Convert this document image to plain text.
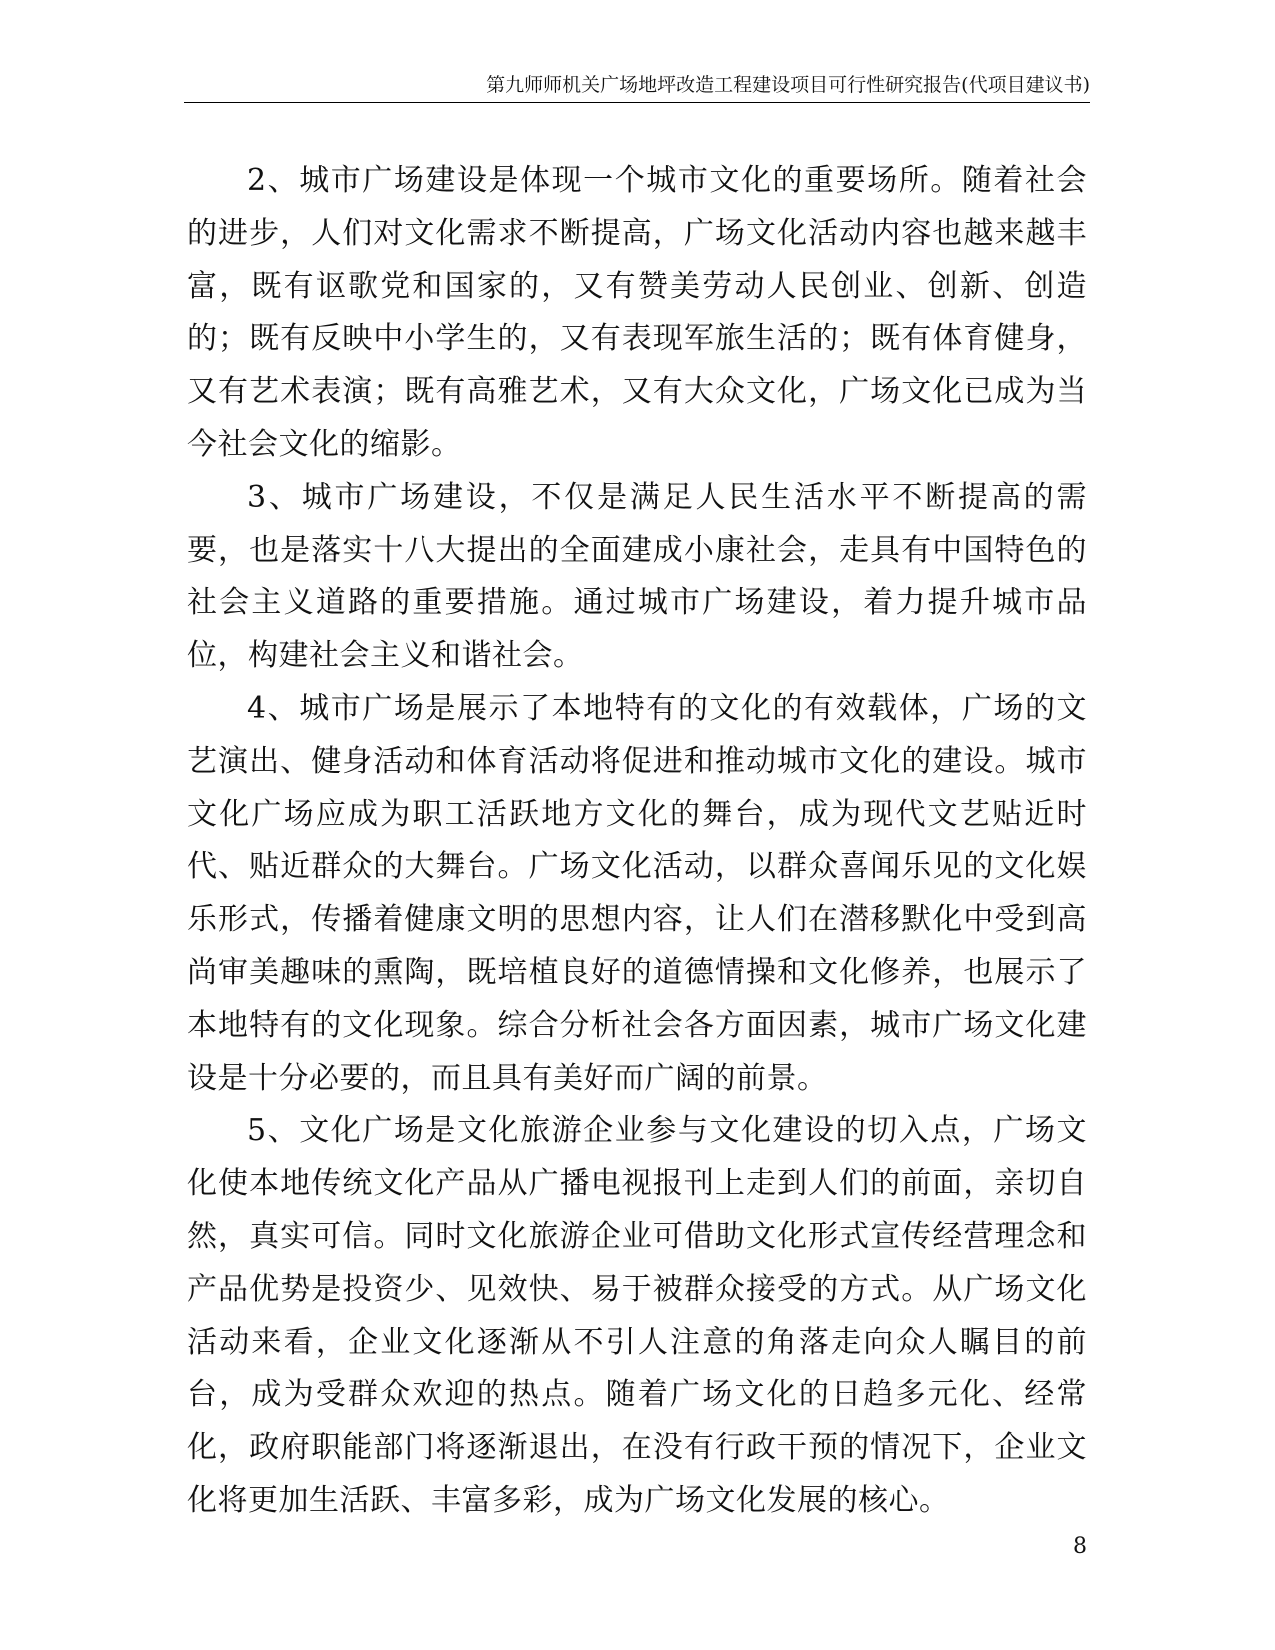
第九师师机关广场地坪改造工程建设项目可行性研究报告(代项目建议书)

2、城市广场建设是体现一个城市文化的重要场所。随着社会的进步，人们对文化需求不断提高，广场文化活动内容也越来越丰富，既有讴歌党和国家的，又有赞美劳动人民创业、创新、创造的；既有反映中小学生的，又有表现军旅生活的；既有体育健身，又有艺术表演；既有高雅艺术，又有大众文化，广场文化已成为当今社会文化的缩影。

3、城市广场建设，不仅是满足人民生活水平不断提高的需要，也是落实十八大提出的全面建成小康社会，走具有中国特色的社会主义道路的重要措施。通过城市广场建设，着力提升城市品位，构建社会主义和谐社会。

4、城市广场是展示了本地特有的文化的有效载体，广场的文艺演出、健身活动和体育活动将促进和推动城市文化的建设。城市文化广场应成为职工活跃地方文化的舞台，成为现代文艺贴近时代、贴近群众的大舞台。广场文化活动，以群众喜闻乐见的文化娱乐形式，传播着健康文明的思想内容，让人们在潜移默化中受到高尚审美趣味的熏陶，既培植良好的道德情操和文化修养，也展示了本地特有的文化现象。综合分析社会各方面因素，城市广场文化建设是十分必要的，而且具有美好而广阔的前景。

5、文化广场是文化旅游企业参与文化建设的切入点，广场文化使本地传统文化产品从广播电视报刊上走到人们的前面，亲切自然，真实可信。同时文化旅游企业可借助文化形式宣传经营理念和产品优势是投资少、见效快、易于被群众接受的方式。从广场文化活动来看，企业文化逐渐从不引人注意的角落走向众人瞩目的前台，成为受群众欢迎的热点。随着广场文化的日趋多元化、经常化，政府职能部门将逐渐退出，在没有行政干预的情况下，企业文化将更加生活跃、丰富多彩，成为广场文化发展的核心。

8
